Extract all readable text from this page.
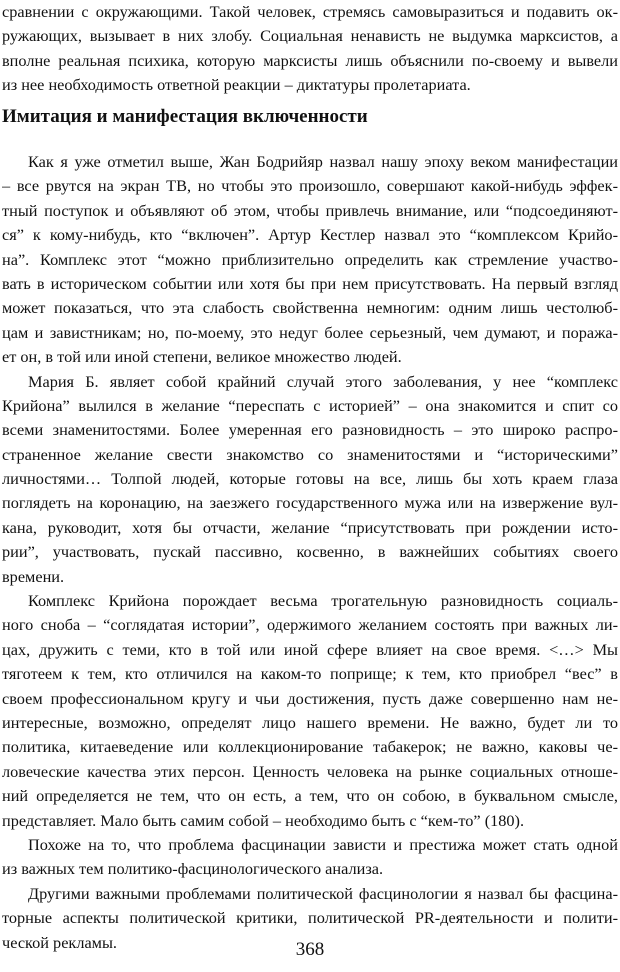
сравнении с окружающими. Такой человек, стремясь самовыразиться и подавить ок-
ружающих, вызывает в них злобу. Социальная ненависть не выдумка марксистов, а
вполне реальная психика, которую марксисты лишь объяснили по-своему и вывели
из нее необходимость ответной реакции – диктатуры пролетариата.
Имитация и манифестация включенности
Как я уже отметил выше, Жан Бодрийяр назвал нашу эпоху веком манифестации
– все рвутся на экран ТВ, но чтобы это произошло, совершают какой-нибудь эффек-
тный поступок и объявляют об этом, чтобы привлечь внимание, или “подсоединяют-
ся” к кому-нибудь, кто “включен”. Артур Кестлер назвал это “комплексом Крийо-
на”. Комплекс этот “можно приблизительно определить как стремление участво-
вать в историческом событии или хотя бы при нем присутствовать. На первый взгляд
может показаться, что эта слабость свойственна немногим: одним лишь честолюб-
цам и завистникам; но, по-моему, это недуг более серьезный, чем думают, и поража-
ет он, в той или иной степени, великое множество людей.
Мария Б. являет собой крайний случай этого заболевания, у нее “комплекс
Крийона” вылился в желание “переспать с историей” – она знакомится и спит со
всеми знаменитостями. Более умеренная его разновидность – это широко распро-
страненное желание свести знакомство со знаменитостями и “историческими”
личностями… Толпой людей, которые готовы на все, лишь бы хоть краем глаза
поглядеть на коронацию, на заезжего государственного мужа или на извержение вул-
кана, руководит, хотя бы отчасти, желание “присутствовать при рождении исто-
рии”, участвовать, пускай пассивно, косвенно, в важнейших событиях своего
времени.
Комплекс Крийона порождает весьма трогательную разновидность социаль-
ного снобa – “соглядатая истории”, одержимого желанием состоять при важных ли-
цах, дружить с теми, кто в той или иной сфере влияет на свое время. <…> Мы
тяготеем к тем, кто отличился на каком-то поприще; к тем, кто приобрел “вес” в
своем профессиональном кругу и чьи достижения, пусть даже совершенно нам не-
интересные, возможно, определят лицо нашего времени. Не важно, будет ли то
политика, китаеведение или коллекционирование табакерок; не важно, каковы че-
ловеческие качества этих персон. Ценность человека на рынке социальных отноше-
ний определяется не тем, что он есть, а тем, что он собою, в буквальном смысле,
представляет. Мало быть самим собой – необходимо быть с “кем-то” (180).
Похоже на то, что проблема фасцинации зависти и престижа может стать одной
из важных тем политико-фасцинологического анализа.
Другими важными проблемами политической фасцинологии я назвал бы фасцина-
торные аспекты политической критики, политической PR-деятельности и полити-
ческой рекламы.	368
